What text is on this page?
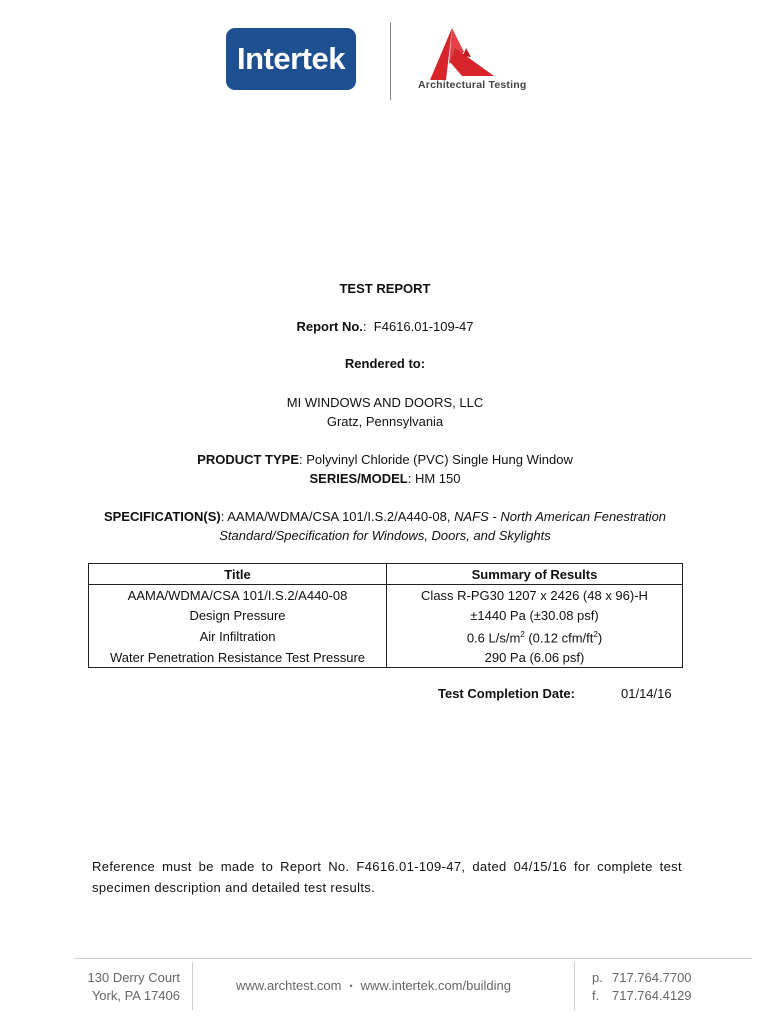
Intertek
Architectural Testing
TEST REPORT
Report No.: F4616.01-109-47
Rendered to:
MI WINDOWS AND DOORS, LLC
Gratz, Pennsylvania
PRODUCT TYPE: Polyvinyl Chloride (PVC) Single Hung Window
SERIES/MODEL: HM 150
SPECIFICATION(S): AAMA/WDMA/CSA 101/I.S.2/A440-08, NAFS - North American Fenestration
Standard/Specification for Windows, Doors, and Skylights
Title	Summary of Results
AAMA/WDMA/CSA 101/I.S.2/A440-08	Class R-PG30 1207 x 2426 (48 x 96)-H
Design Pressure	±1440 Pa (±30.08 psf)
Air Infiltration	0.6 $L/s/m^2$ (0.12 cfm/$ft^2$)
Water Penetration Resistance Test Pressure	290 Pa (6.06 psf)
Test Completion Date:	01/14/16
Reference must be made to Report No. F4616.01-109-47, dated 04/15/16 for complete test specimen description and detailed test results.
130 Derry Court
York, PA 17406
www.archtest.com • www.intertek.com/building
p. 717.764.7700
f. 717.764.4129
